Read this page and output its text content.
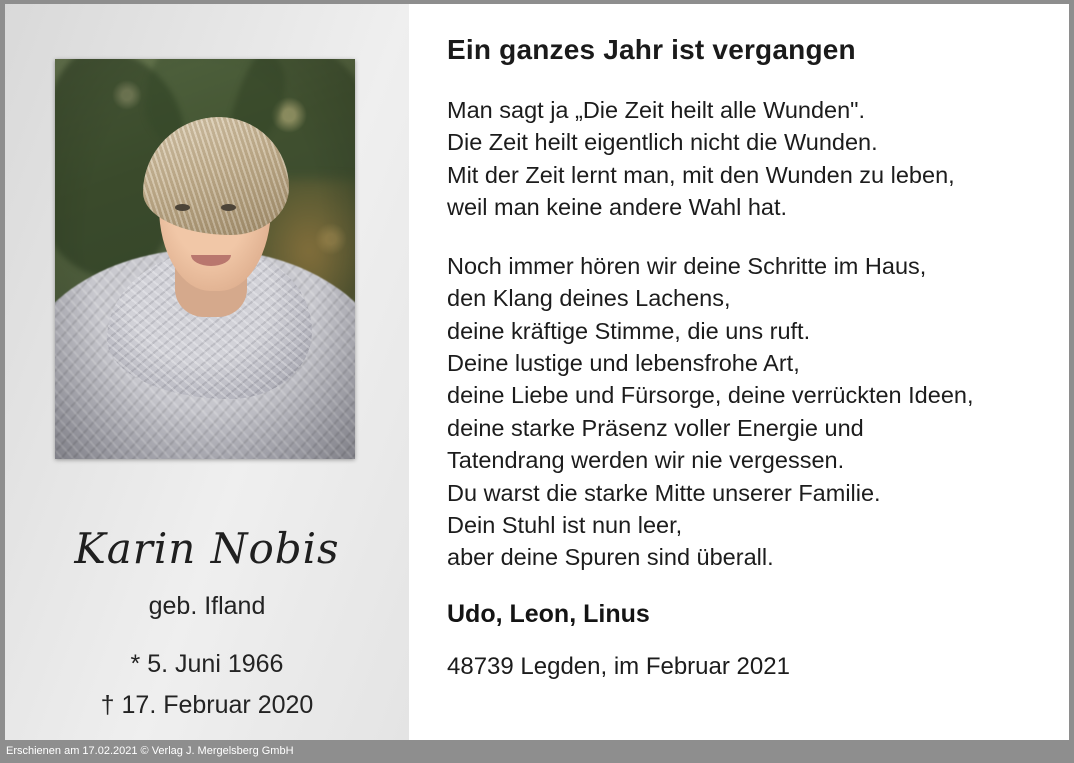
Karin Nobis
geb. Ifland
* 5. Juni 1966
† 17. Februar 2020
Ein ganzes Jahr ist vergangen
Man sagt ja „Die Zeit heilt alle Wunden".
Die Zeit heilt eigentlich nicht die Wunden.
Mit der Zeit lernt man, mit den Wunden zu leben,
weil man keine andere Wahl hat.
Noch immer hören wir deine Schritte im Haus,
den Klang deines Lachens,
deine kräftige Stimme, die uns ruft.
Deine lustige und lebensfrohe Art,
deine Liebe und Fürsorge, deine verrückten Ideen,
deine starke Präsenz voller Energie und
Tatendrang werden wir nie vergessen.
Du warst die starke Mitte unserer Familie.
Dein Stuhl ist nun leer,
aber deine Spuren sind überall.
Udo, Leon, Linus
48739 Legden, im Februar 2021
Erschienen am 17.02.2021 © Verlag J. Mergelsberg GmbH
